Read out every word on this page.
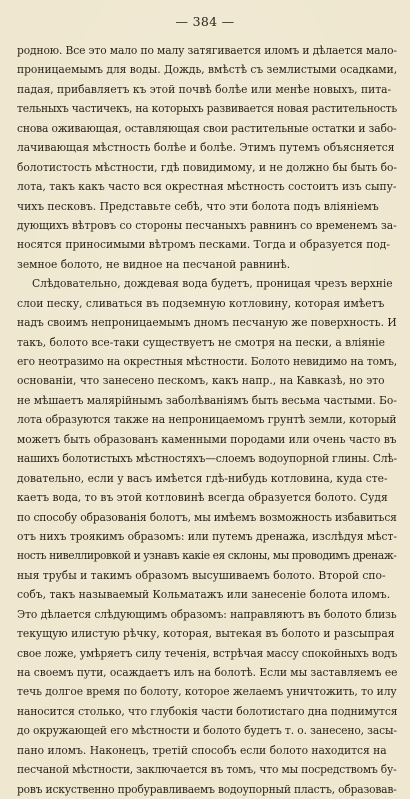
— 384 —
родною. Все это мало по малу затягивается иломъ и дѣлается мало-
проницаемымъ для воды. Дождь, вмѣстѣ съ землистыми осадками,
падая, прибавляетъ къ этой почвѣ болѣе или менѣе новыхъ, пита-
тельныхъ частичекъ, на которыхъ развивается новая растительность
снова оживающая, оставляющая свои растительные остатки и забо-
лачивающая мѣстность болѣе и болѣе. Этимъ путемъ объясняется
болотистость мѣстности, гдѣ повидимому, и не должно бы быть бо-
лота, такъ какъ часто вся окрестная мѣстность состоитъ изъ сыпу-
чихъ песковъ. Представьте себѣ, что эти болота подъ вліяніемъ
дующихъ вѣтровъ со стороны песчаныхъ равнинъ со временемъ за-
носятся приносимыми вѣтромъ песками. Тогда и образуется под-
земное болото, не видное на песчаной равнинѣ.
Слѣдовательно, дождевая вода будетъ, проницая чрезъ верхніе
слои песку, сливаться въ подземную котловину, которая имѣетъ
надъ своимъ непроницаемымъ дномъ песчаную же поверхность. И
такъ, болото все-таки существуетъ не смотря на пески, а вліяніе
его неотразимо на окрестныя мѣстности. Болото невидимо на томъ,
основаніи, что занесено пескомъ, какъ напр., на Кавказѣ, но это
не мѣшаетъ малярійнымъ заболѣваніямъ быть весьма частыми. Бо-
лота образуются также на непроницаемомъ грунтѣ земли, который
можетъ быть образованъ каменными породами или очень часто въ
нашихъ болотистыхъ мѣстностяхъ—слоемъ водоупорной глины. Слѣ-
довательно, если у васъ имѣется гдѣ-нибудь котловина, куда сте-
каетъ вода, то въ этой котловинѣ всегда образуется болото. Судя
по способу образованія болотъ, мы имѣемъ возможность избавиться
отъ нихъ троякимъ образомъ: или путемъ дренажа, изслѣдуя мѣст-
ность нивеллировкой и узнавъ какіе ея склоны, мы проводимъ дренаж-
ныя трубы и такимъ образомъ высушиваемъ болото. Второй спо-
собъ, такъ называемый Кольматажъ или занесеніе болота иломъ.
Это дѣлается слѣдующимъ образомъ: направляютъ въ болото близь
текущую илистую рѣчку, которая, вытекая въ болото и разсыпрая
свое ложе, умѣряетъ силу теченія, встрѣчая массу спокойныхъ водъ
на своемъ пути, осаждаетъ илъ на болотѣ. Если мы заставляемъ ее
течь долгое время по болоту, которое желаемъ уничтожить, то илу
наносится столько, что глубокія части болотистаго дна поднимутся
до окружающей его мѣстности и болото будетъ т. о. занесено, засы-
пано иломъ. Наконецъ, третій способъ если болото находится на
песчаной мѣстности, заключается въ томъ, что мы посредствомъ бу-
ровъ искуственно пробуравливаемъ водоупорный пластъ, образовав-
